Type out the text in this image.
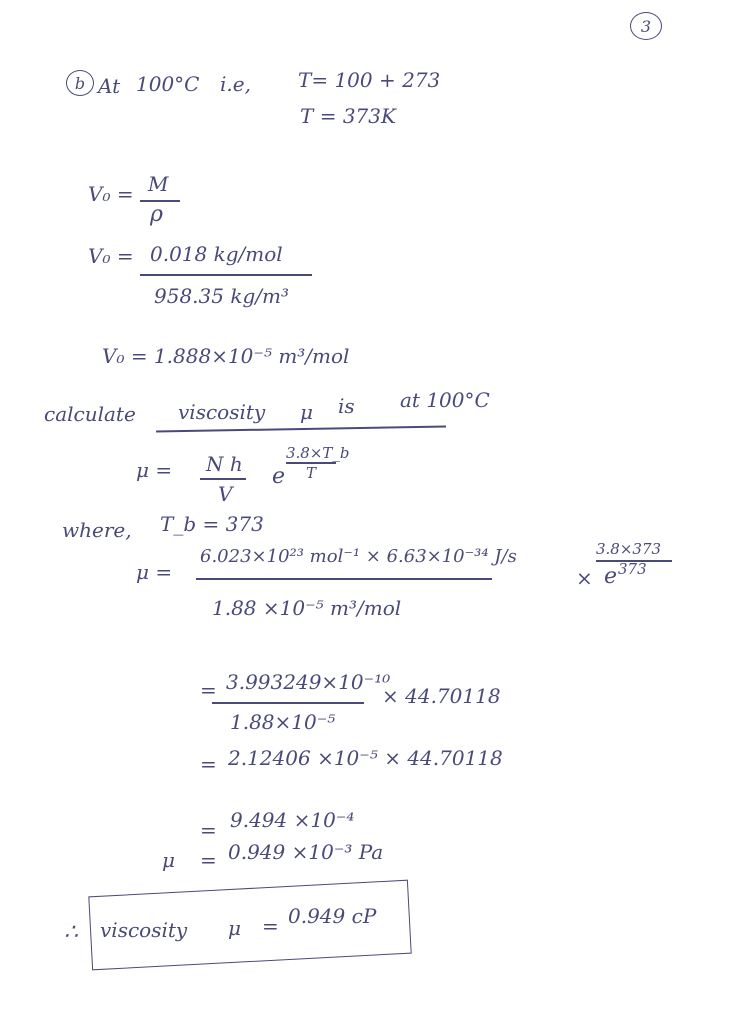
3
b At 100°C i.e, T= 100 + 273
T = 373K
V₀ = M
ρ
V₀ = 0.018 kg/mol
958.35 kg/m³
V₀ = 1.888×10⁻⁵ m³/mol
calculate viscosity μ is at 100°C
μ = N h
V
e
3.8×T_b
T
where, T_b = 373
μ =
6.023×10²³ mol⁻¹ × 6.63×10⁻³⁴ J/s
1.88 ×10⁻⁵ m³/mol
× e
3.8×373
373
= 3.993249×10⁻¹⁰
1.88×10⁻⁵
× 44.70118
= 2.12406 ×10⁻⁵ × 44.70118
= 9.494 ×10⁻⁴
μ = 0.949 ×10⁻³ Pa
∴ viscosity μ = 0.949 cP
